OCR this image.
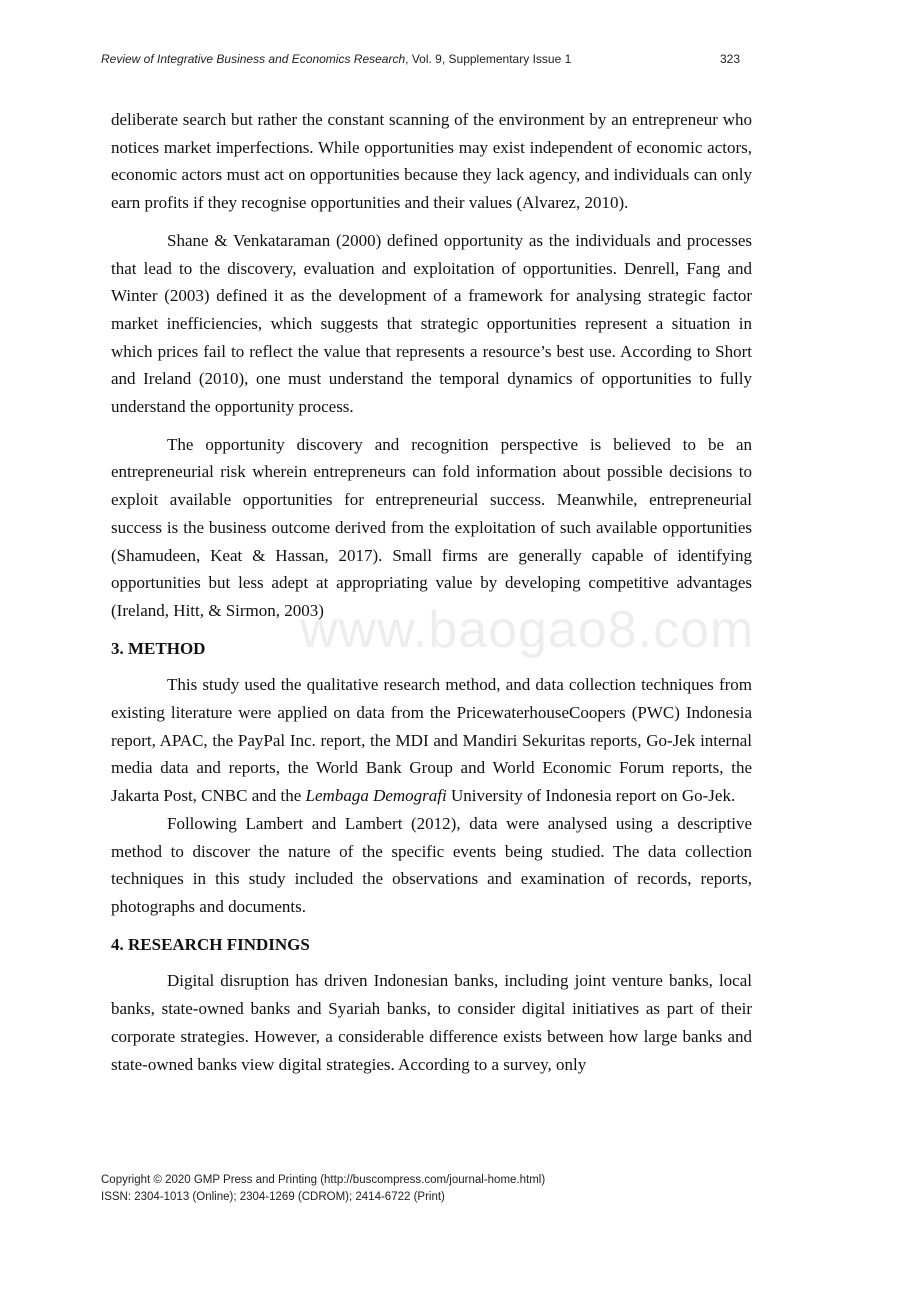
Review of Integrative Business and Economics Research, Vol. 9, Supplementary Issue 1	323

deliberate search but rather the constant scanning of the environment by an entrepreneur who notices market imperfections. While opportunities may exist independent of economic actors, economic actors must act on opportunities because they lack agency, and individuals can only earn profits if they recognise opportunities and their values (Alvarez, 2010).

Shane & Venkataraman (2000) defined opportunity as the individuals and processes that lead to the discovery, evaluation and exploitation of opportunities. Denrell, Fang and Winter (2003) defined it as the development of a framework for analysing strategic factor market inefficiencies, which suggests that strategic opportunities represent a situation in which prices fail to reflect the value that represents a resource’s best use. According to Short and Ireland (2010), one must understand the temporal dynamics of opportunities to fully understand the opportunity process.

The opportunity discovery and recognition perspective is believed to be an entrepreneurial risk wherein entrepreneurs can fold information about possible decisions to exploit available opportunities for entrepreneurial success. Meanwhile, entrepreneurial success is the business outcome derived from the exploitation of such available opportunities (Shamudeen, Keat & Hassan, 2017). Small firms are generally capable of identifying opportunities but less adept at appropriating value by developing competitive advantages (Ireland, Hitt, & Sirmon, 2003)

3. METHOD

This study used the qualitative research method, and data collection techniques from existing literature were applied on data from the PricewaterhouseCoopers (PWC) Indonesia report, APAC, the PayPal Inc. report, the MDI and Mandiri Sekuritas reports, Go-Jek internal media data and reports, the World Bank Group and World Economic Forum reports, the Jakarta Post, CNBC and the Lembaga Demografi University of Indonesia report on Go-Jek.

Following Lambert and Lambert (2012), data were analysed using a descriptive method to discover the nature of the specific events being studied. The data collection techniques in this study included the observations and examination of records, reports, photographs and documents.

4. RESEARCH FINDINGS

Digital disruption has driven Indonesian banks, including joint venture banks, local banks, state-owned banks and Syariah banks, to consider digital initiatives as part of their corporate strategies. However, a considerable difference exists between how large banks and state-owned banks view digital strategies. According to a survey, only

www.baogao8.com
Copyright © 2020 GMP Press and Printing (http://buscompress.com/journal-home.html)
ISSN: 2304-1013 (Online); 2304-1269 (CDROM); 2414-6722 (Print)
